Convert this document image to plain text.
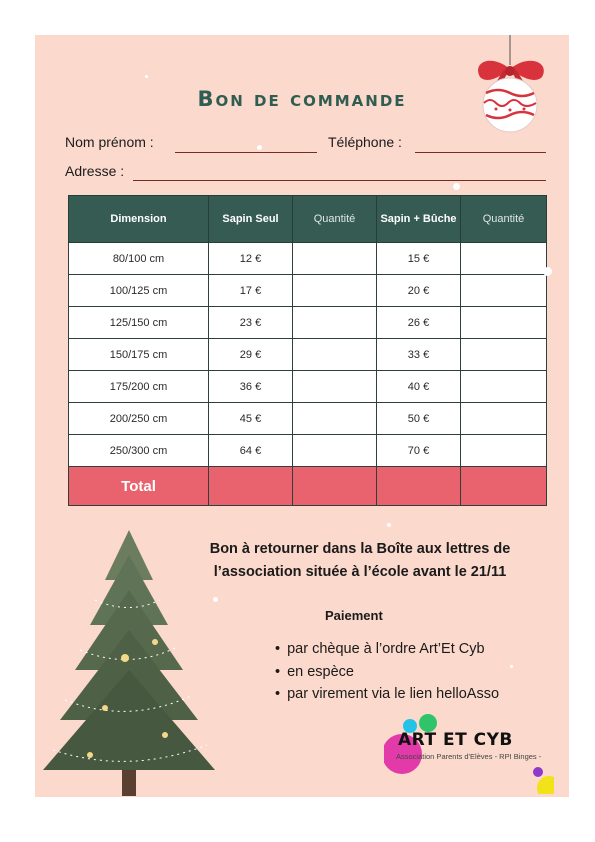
Bon de commande
Nom prénom :	Téléphone :
Adresse :
Dimension	Sapin Seul	Quantité	Sapin + Bûche	Quantité
80/100 cm	12 €		15 €	
100/125 cm	17 €		20 €	
125/150 cm	23 €		26 €	
150/175 cm	29 €		33 €	
175/200 cm	36 €		40 €	
200/250 cm	45 €		50 €	
250/300 cm	64 €		70 €	
Total				
Bon à retourner dans la Boîte aux lettres de
l’association située à l’école avant le 21/11
Paiement
• par chèque à l’ordre Art’Et Cyb
• en espèce
• par virement via le lien helloAsso
ART ET CYB
Association Parents d'Elèves - RPI Binges -
